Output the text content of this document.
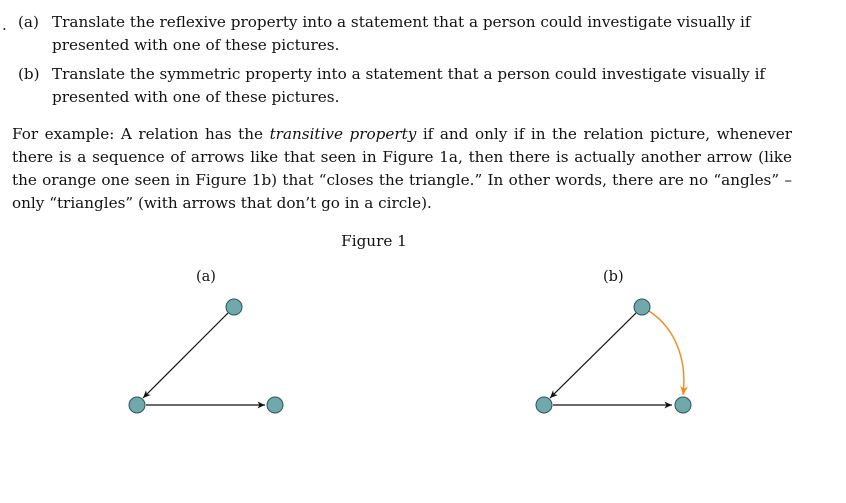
. (a) Translate the reflexive property into a statement that a person could investigate visually if
presented with one of these pictures.
(b) Translate the symmetric property into a statement that a person could investigate visually if
presented with one of these pictures.

For example: A relation has the transitive property if and only if in the relation picture, whenever there is a sequence of arrows like that seen in Figure 1a, then there is actually another arrow (like the orange one seen in Figure 1b) that “closes the triangle.” In other words, there are no “angles” – only “triangles” (with arrows that don’t go in a circle).

Figure 1
(a)	(b)
